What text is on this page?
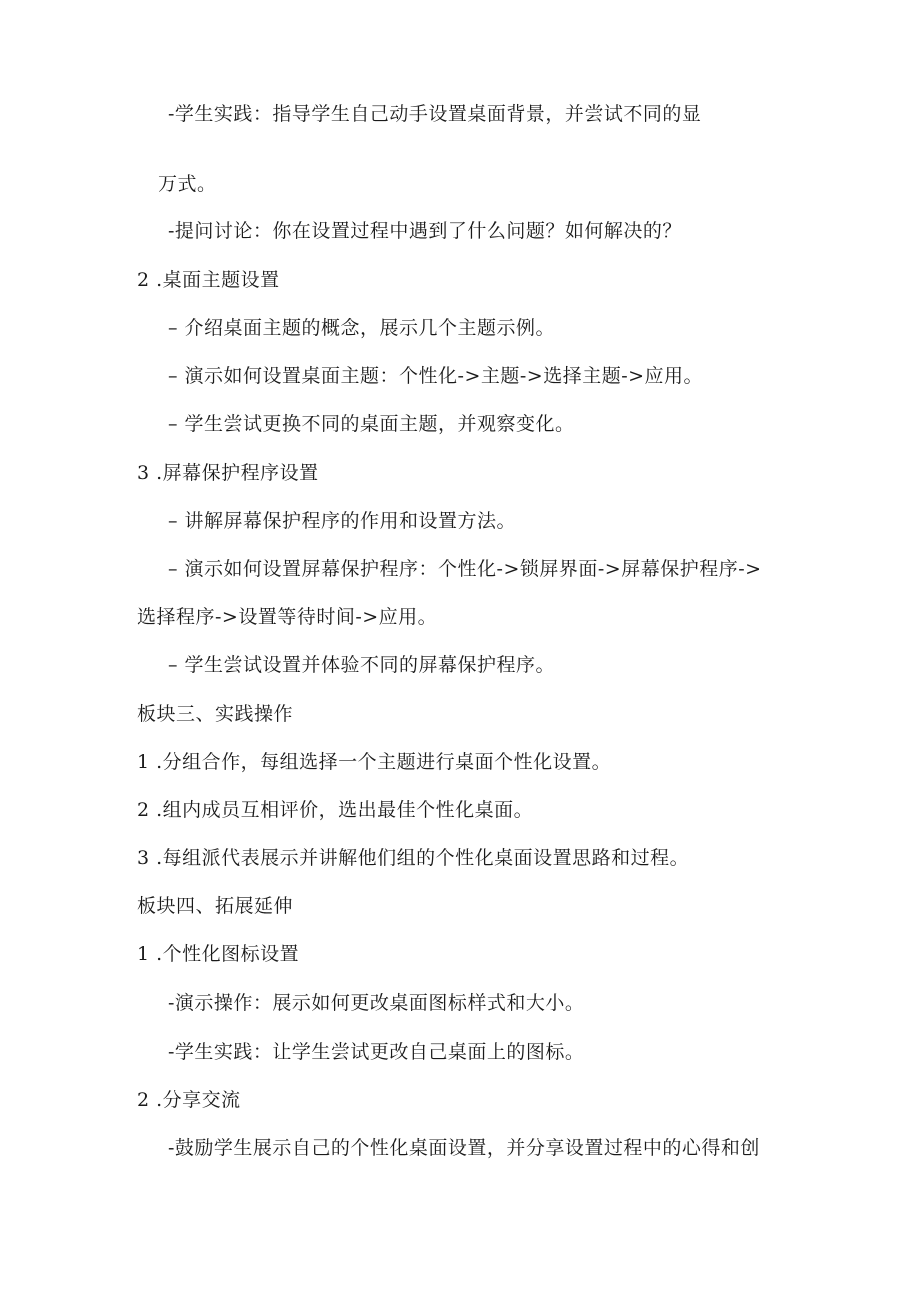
-学生实践：指导学生自己动手设置桌面背景，并尝试不同的显
万式。
-提问讨论：你在设置过程中遇到了什么问题？如何解决的？
2 .桌面主题设置
– 介绍桌面主题的概念，展示几个主题示例。
– 演示如何设置桌面主题：个性化->主题->选择主题->应用。
– 学生尝试更换不同的桌面主题，并观察变化。
3 .屏幕保护程序设置
– 讲解屏幕保护程序的作用和设置方法。
– 演示如何设置屏幕保护程序：个性化->锁屏界面->屏幕保护程序->
选择程序->设置等待时间->应用。
– 学生尝试设置并体验不同的屏幕保护程序。
板块三、实践操作
1 .分组合作，每组选择一个主题进行桌面个性化设置。
2 .组内成员互相评价，选出最佳个性化桌面。
3 .每组派代表展示并讲解他们组的个性化桌面设置思路和过程。
板块四、拓展延伸
1 .个性化图标设置
-演示操作：展示如何更改桌面图标样式和大小。
-学生实践：让学生尝试更改自己桌面上的图标。
2 .分享交流
-鼓励学生展示自己的个性化桌面设置，并分享设置过程中的心得和创
